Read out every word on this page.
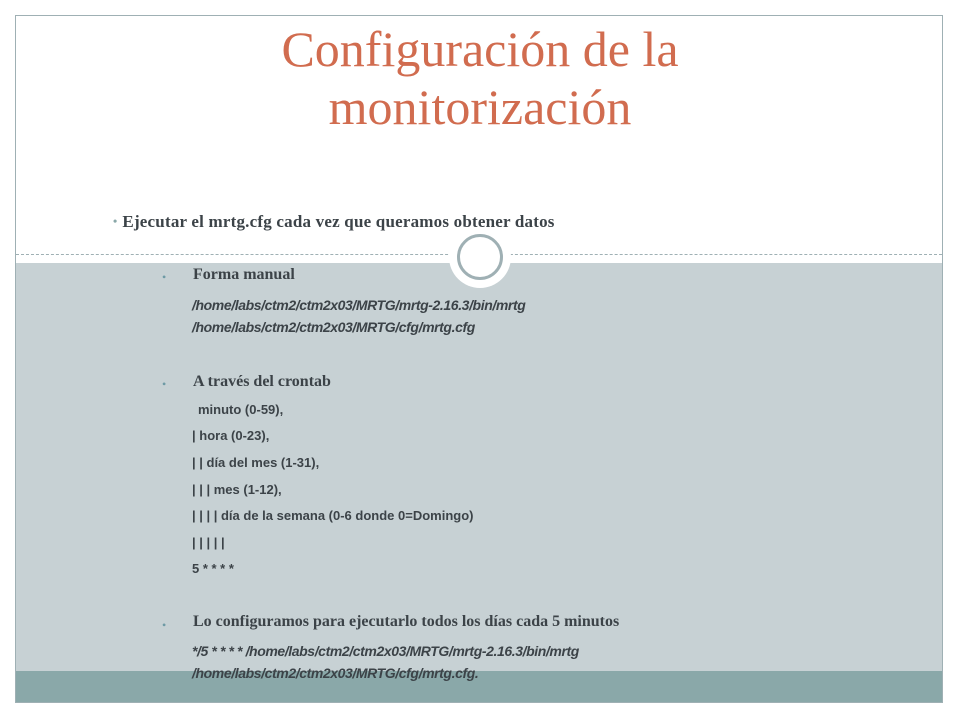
Configuración de la
monitorización
• Ejecutar el mrtg.cfg cada vez que queramos obtener datos
• Forma manual
/home/labs/ctm2/ctm2x03/MRTG/mrtg-2.16.3/bin/mrtg
/home/labs/ctm2/ctm2x03/MRTG/cfg/mrtg.cfg
• A través del crontab
minuto (0-59),
| hora (0-23),
| | día del mes (1-31),
| | | mes (1-12),
| | | | día de la semana (0-6 donde 0=Domingo)
| | | | |
5 * * * *
• Lo configuramos para ejecutarlo todos los días cada 5 minutos
*/5 * * * * /home/labs/ctm2/ctm2x03/MRTG/mrtg-2.16.3/bin/mrtg
/home/labs/ctm2/ctm2x03/MRTG/cfg/mrtg.cfg.
